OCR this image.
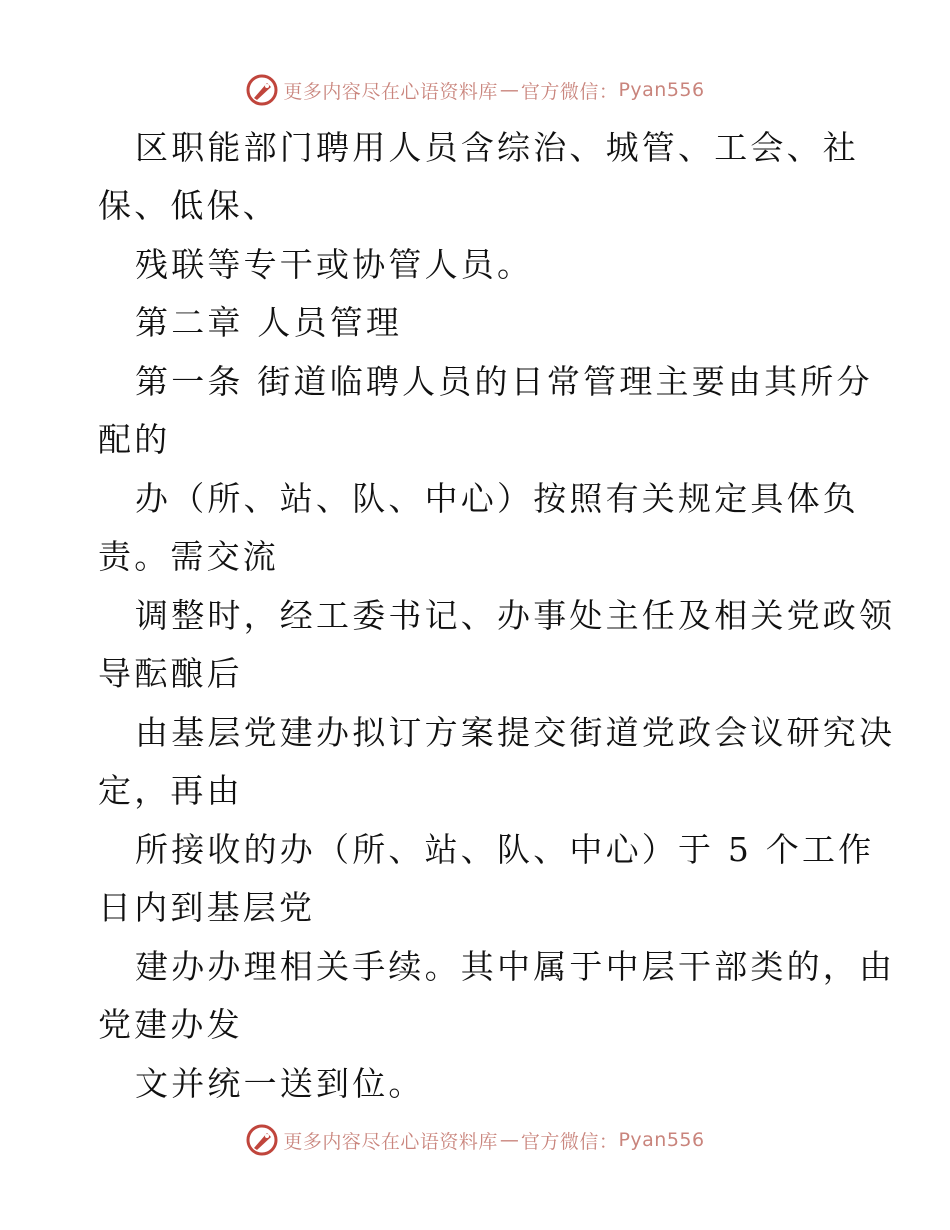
更多内容尽在心语资料库 — 官方微信： Pyan556
区职能部门聘用人员含综治、城管、工会、社
保、低保、
残联等专干或协管人员。
第二章 人员管理
第一条 街道临聘人员的日常管理主要由其所分
配的
办（所、站、队、中心）按照有关规定具体负
责。需交流
调整时，经工委书记、办事处主任及相关党政领
导酝酿后
由基层党建办拟订方案提交街道党政会议研究决
定，再由
所接收的办（所、站、队、中心）于 5 个工作
日内到基层党
建办办理相关手续。其中属于中层干部类的，由
党建办发
文并统一送到位。
更多内容尽在心语资料库 — 官方微信： Pyan556
